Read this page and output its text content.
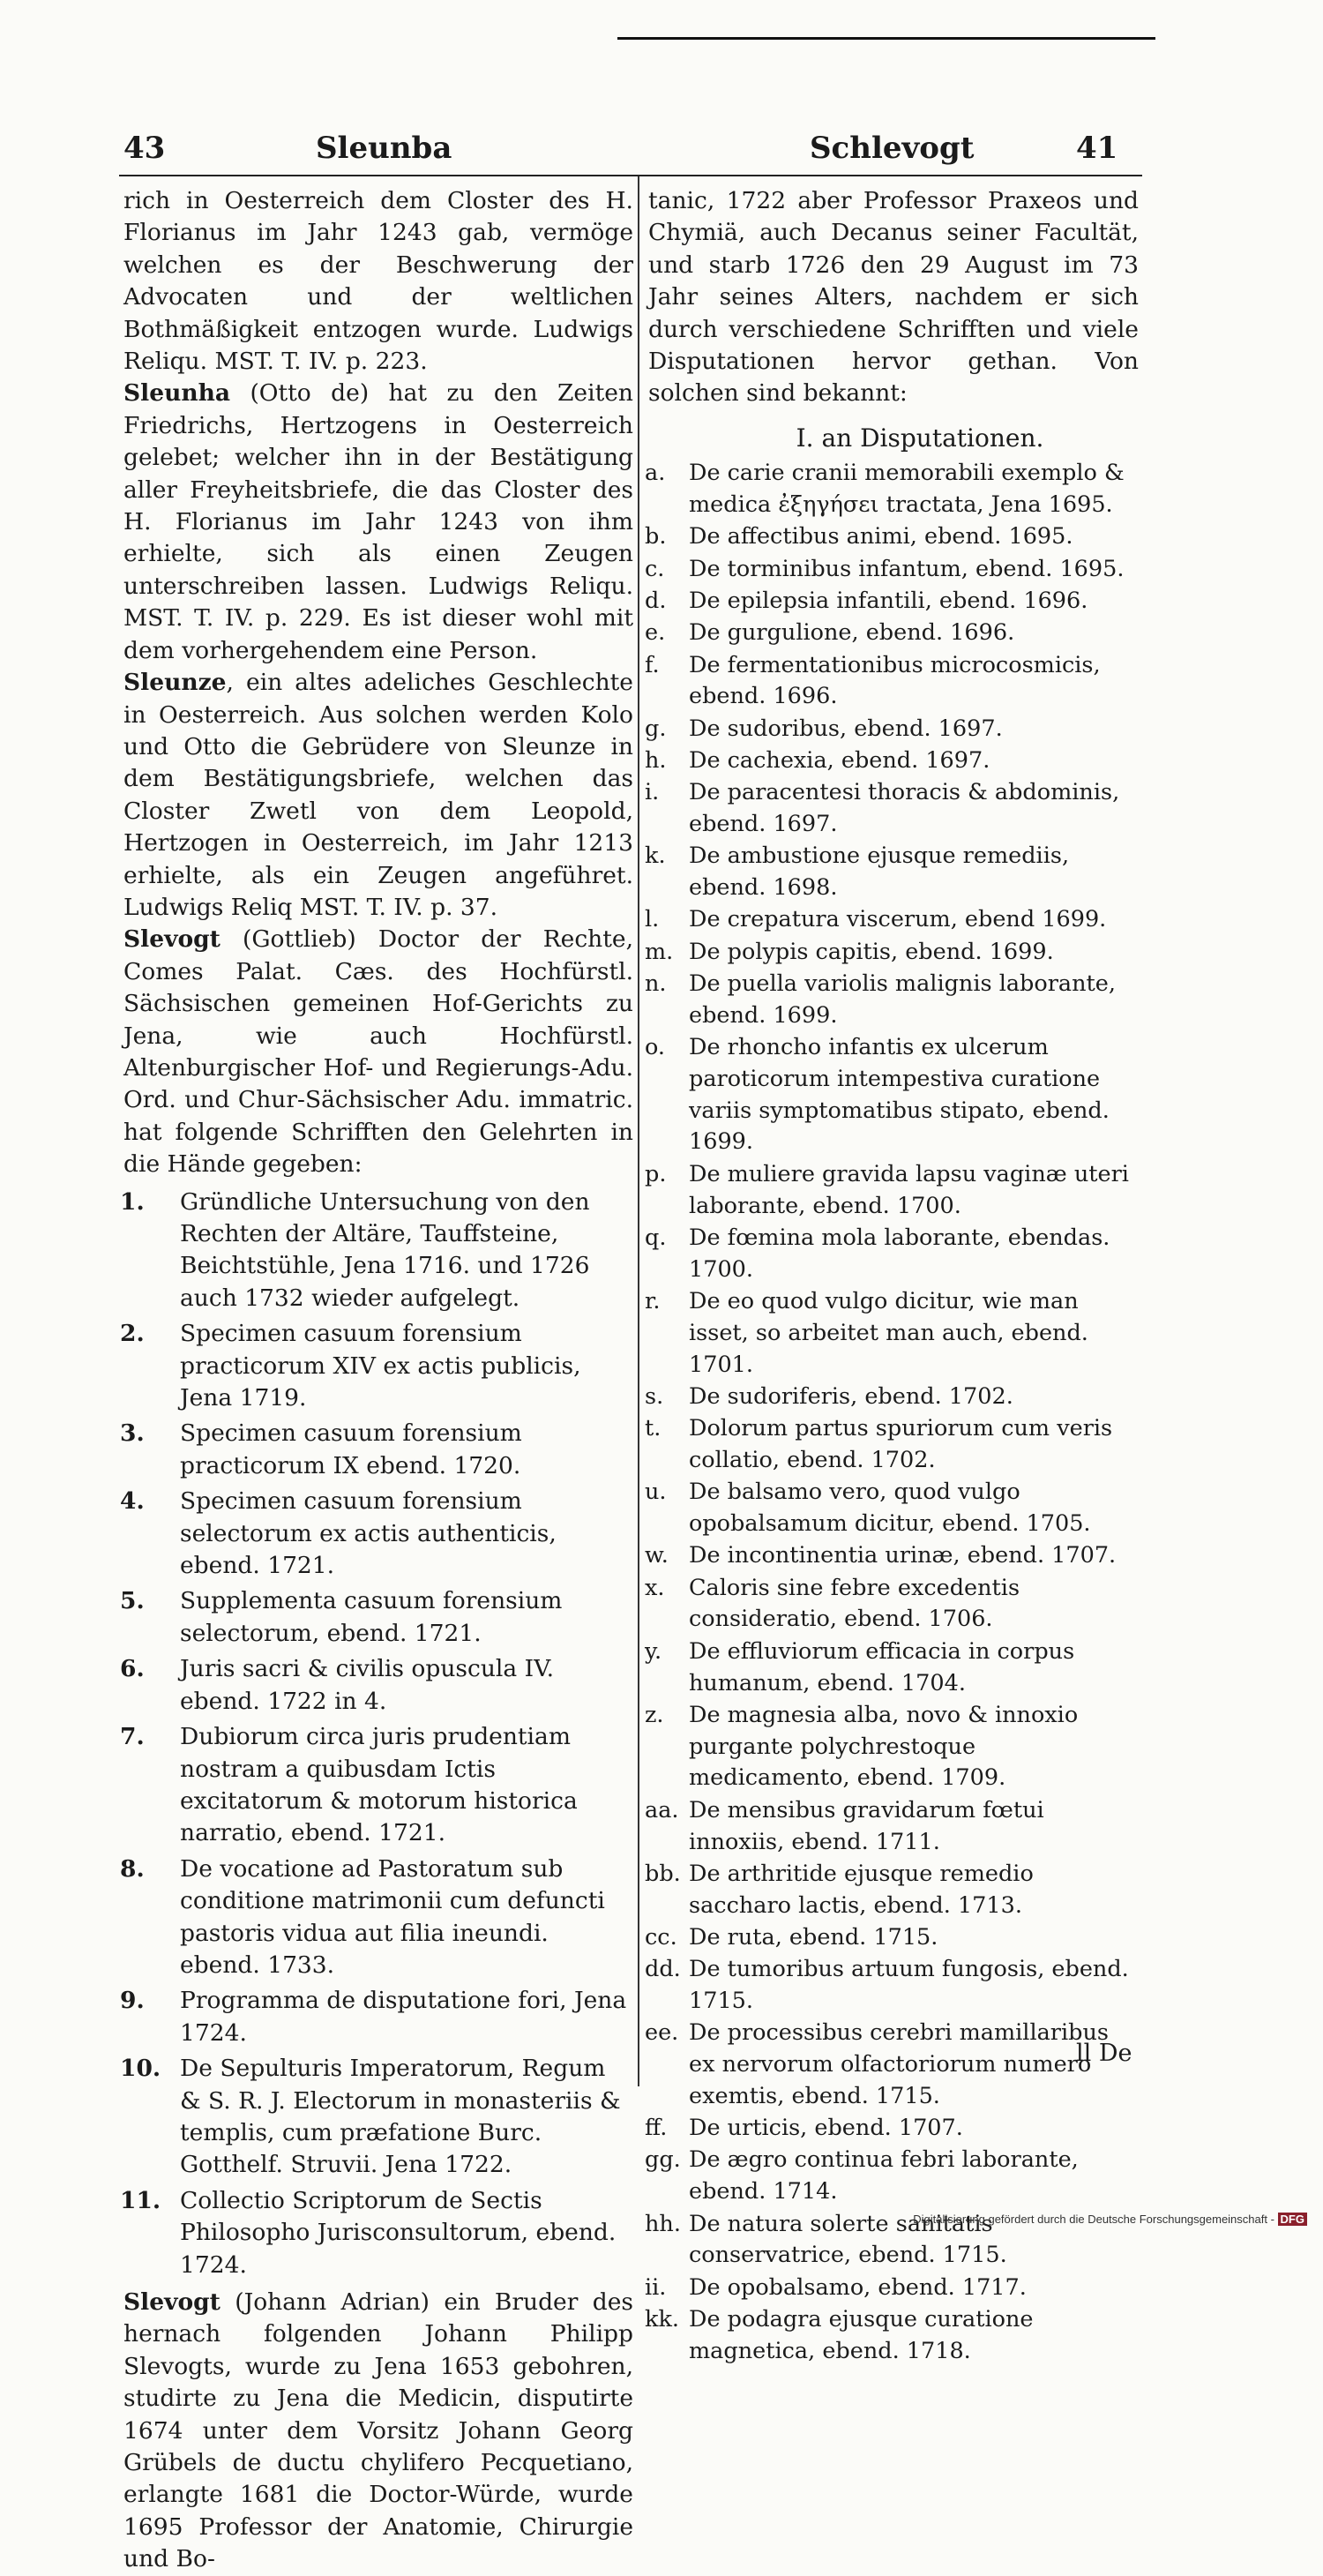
43	Sleunba	Schlevogt	41

rich in Oesterreich dem Closter des H. Florianus im Jahr 1243 gab, vermöge welchen es der Beschwerung der Advocaten und der weltlichen Bothmäßigkeit entzogen wurde. Ludwigs Reliqu. MST. T. IV. p. 223.

Sleunha (Otto de) hat zu den Zeiten Friedrichs, Hertzogens in Oesterreich gelebet; welcher ihn in der Bestätigung aller Freyheitsbriefe, die das Closter des H. Florianus im Jahr 1243 von ihm erhielte, sich als einen Zeugen unterschreiben lassen. Ludwigs Reliqu. MST. T. IV. p. 229. Es ist dieser wohl mit dem vorhergehendem eine Person.

Sleunze, ein altes adeliches Geschlechte in Oesterreich. Aus solchen werden Kolo und Otto die Gebrüdere von Sleunze in dem Bestätigungsbriefe, welchen das Closter Zwetl von dem Leopold, Hertzogen in Oesterreich, im Jahr 1213 erhielte, als ein Zeugen angeführet. Ludwigs Reliq MST. T. IV. p. 37.

Slevogt (Gottlieb) Doctor der Rechte, Comes Palat. Cæs. des Hochfürstl. Sächsischen gemeinen Hof-Gerichts zu Jena, wie auch Hochfürstl. Altenburgischer Hof- und Regierungs-Adu. Ord. und Chur-Sächsischer Adu. immatric. hat folgende Schrifften den Gelehrten in die Hände gegeben:

1. Gründliche Untersuchung von den Rechten der Altäre, Tauffsteine, Beichtstühle, Jena 1716. und 1726 auch 1732 wieder aufgelegt.
2. Specimen casuum forensium practicorum XIV ex actis publicis, Jena 1719.
3. Specimen casuum forensium practicorum IX ebend. 1720.
4. Specimen casuum forensium selectorum ex actis authenticis, ebend. 1721.
5. Supplementa casuum forensium selectorum, ebend. 1721.
6. Juris sacri & civilis opuscula IV. ebend. 1722 in 4.
7. Dubiorum circa juris prudentiam nostram a quibusdam Ictis excitatorum & motorum historica narratio, ebend. 1721.
8. De vocatione ad Pastoratum sub conditione matrimonii cum defuncti pastoris vidua aut filia ineundi. ebend. 1733.
9. Programma de disputatione fori, Jena 1724.
10. De Sepulturis Imperatorum, Regum & S. R. J. Electorum in monasteriis & templis, cum præfatione Burc. Gotthelf. Struvii. Jena 1722.
11. Collectio Scriptorum de Sectis Philosopho Jurisconsultorum, ebend. 1724.

Slevogt (Johann Adrian) ein Bruder des hernach folgenden Johann Philipp Slevogts, wurde zu Jena 1653 gebohren, studirte zu Jena die Medicin, disputirte 1674 unter dem Vorsitz Johann Georg Grübels de ductu chylifero Pecquetiano, erlangte 1681 die Doctor-Würde, wurde 1695 Professor der Anatomie, Chirurgie und Bo-

tanic, 1722 aber Professor Praxeos und Chymiä, auch Decanus seiner Facultät, und starb 1726 den 29 August im 73 Jahr seines Alters, nachdem er sich durch verschiedene Schrifften und viele Disputationen hervor gethan. Von solchen sind bekannt:

I. an Disputationen.
a. De carie cranii memorabili exemplo & medica ἐξηγήσει tractata, Jena 1695.
b. De affectibus animi, ebend. 1695.
c. De torminibus infantum, ebend. 1695.
d. De epilepsia infantili, ebend. 1696.
e. De gurgulione, ebend. 1696.
f. De fermentationibus microcosmicis, ebend. 1696.
g. De sudoribus, ebend. 1697.
h. De cachexia, ebend. 1697.
i. De paracentesi thoracis & abdominis, ebend. 1697.
k. De ambustione ejusque remediis, ebend. 1698.
l. De crepatura viscerum, ebend 1699.
m. De polypis capitis, ebend. 1699.
n. De puella variolis malignis laborante, ebend. 1699.
o. De rhoncho infantis ex ulcerum paroticorum intempestiva curatione variis symptomatibus stipato, ebend. 1699.
p. De muliere gravida lapsu vaginæ uteri laborante, ebend. 1700.
q. De fœmina mola laborante, ebendas. 1700.
r. De eo quod vulgo dicitur, wie man isset, so arbeitet man auch, ebend. 1701.
s. De sudoriferis, ebend. 1702.
t. Dolorum partus spuriorum cum veris collatio, ebend. 1702.
u. De balsamo vero, quod vulgo opobalsamum dicitur, ebend. 1705.
w. De incontinentia urinæ, ebend. 1707.
x. Caloris sine febre excedentis consideratio, ebend. 1706.
y. De effluviorum efficacia in corpus humanum, ebend. 1704.
z. De magnesia alba, novo & innoxio purgante polychrestoque medicamento, ebend. 1709.
aa. De mensibus gravidarum fœtui innoxiis, ebend. 1711.
bb. De arthritide ejusque remedio saccharo lactis, ebend. 1713.
cc. De ruta, ebend. 1715.
dd. De tumoribus artuum fungosis, ebend. 1715.
ee. De processibus cerebri mamillaribus ex nervorum olfactoriorum numero exemtis, ebend. 1715.
ff. De urticis, ebend. 1707.
gg. De ægro continua febri laborante, ebend. 1714.
hh. De natura solerte sanitatis conservatrice, ebend. 1715.
ii. De opobalsamo, ebend. 1717.
kk. De podagra ejusque curatione magnetica, ebend. 1718.
ll De
Digitalisierung gefördert durch die Deutsche Forschungsgemeinschaft - DFG
